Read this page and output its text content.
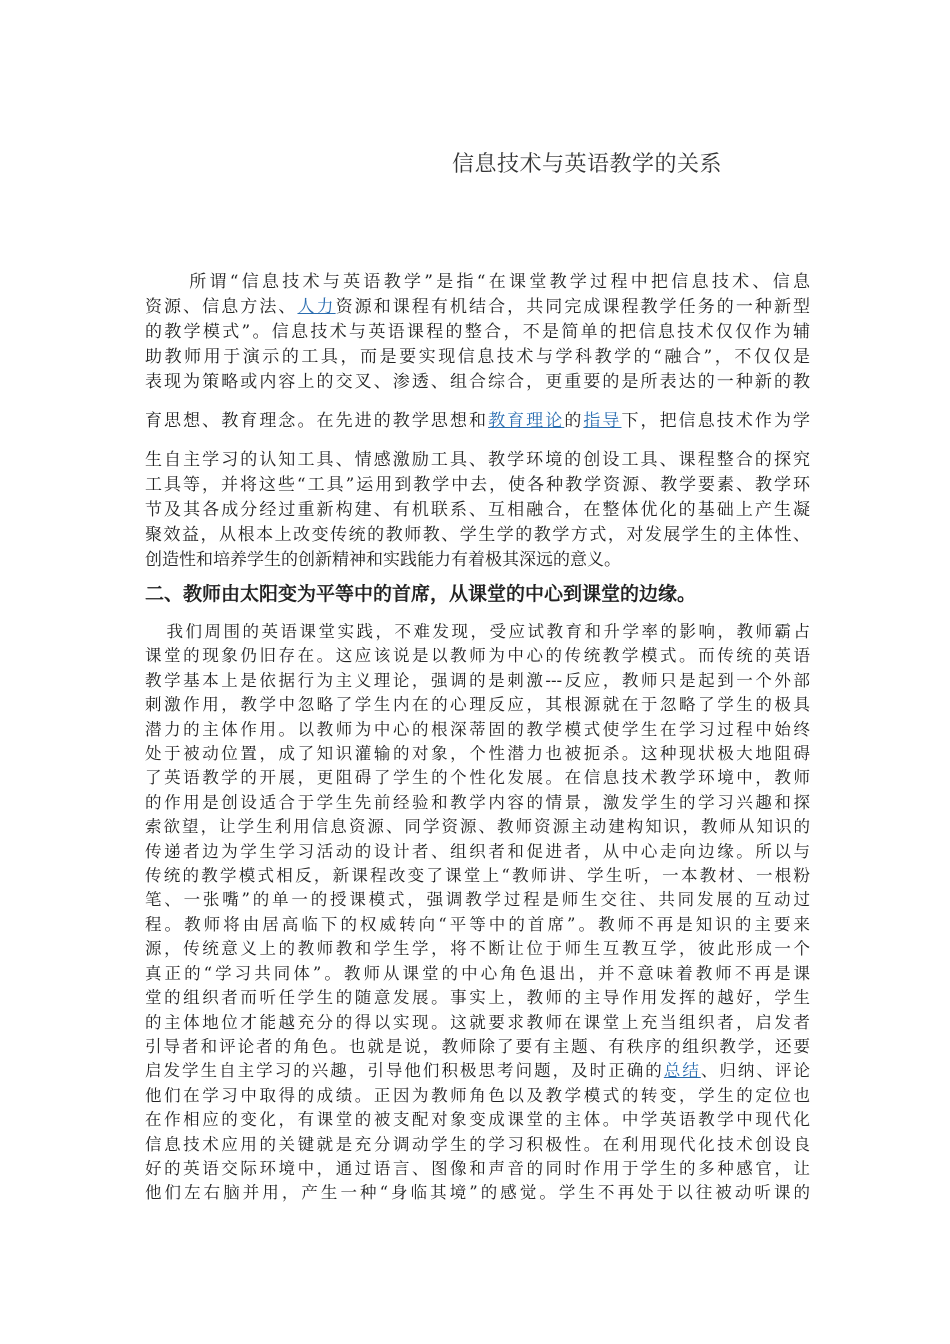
信息技术与英语教学的关系
所谓“信息技术与英语教学”是指“在课堂教学过程中把信息技术、信息
资源、信息方法、人力资源和课程有机结合，共同完成课程教学任务的一种新型
的教学模式”。信息技术与英语课程的整合，不是简单的把信息技术仅仅作为辅
助教师用于演示的工具，而是要实现信息技术与学科教学的“融合”，不仅仅是
表现为策略或内容上的交叉、渗透、组合综合，更重要的是所表达的一种新的教
育思想、教育理念。在先进的教学思想和教育理论的指导下，把信息技术作为学
生自主学习的认知工具、情感激励工具、教学环境的创设工具、课程整合的探究
工具等，并将这些“工具”运用到教学中去，使各种教学资源、教学要素、教学环
节及其各成分经过重新构建、有机联系、互相融合，在整体优化的基础上产生凝
聚效益，从根本上改变传统的教师教、学生学的教学方式，对发展学生的主体性、
创造性和培养学生的创新精神和实践能力有着极其深远的意义。
二、教师由太阳变为平等中的首席，从课堂的中心到课堂的边缘。
我们周围的英语课堂实践，不难发现，受应试教育和升学率的影响，教师霸占
课堂的现象仍旧存在。这应该说是以教师为中心的传统教学模式。而传统的英语
教学基本上是依据行为主义理论，强调的是刺激---反应，教师只是起到一个外部
刺激作用，教学中忽略了学生内在的心理反应，其根源就在于忽略了学生的极具
潜力的主体作用。以教师为中心的根深蒂固的教学模式使学生在学习过程中始终
处于被动位置，成了知识灌输的对象，个性潜力也被扼杀。这种现状极大地阻碍
了英语教学的开展，更阻碍了学生的个性化发展。在信息技术教学环境中，教师
的作用是创设适合于学生先前经验和教学内容的情景，激发学生的学习兴趣和探
索欲望，让学生利用信息资源、同学资源、教师资源主动建构知识，教师从知识的
传递者边为学生学习活动的设计者、组织者和促进者，从中心走向边缘。所以与
传统的教学模式相反，新课程改变了课堂上“教师讲、学生听，一本教材、一根粉
笔、一张嘴”的单一的授课模式，强调教学过程是师生交往、共同发展的互动过
程。教师将由居高临下的权威转向“平等中的首席”。教师不再是知识的主要来
源，传统意义上的教师教和学生学，将不断让位于师生互教互学，彼此形成一个
真正的“学习共同体”。教师从课堂的中心角色退出，并不意味着教师不再是课
堂的组织者而听任学生的随意发展。事实上，教师的主导作用发挥的越好，学生
的主体地位才能越充分的得以实现。这就要求教师在课堂上充当组织者，启发者
引导者和评论者的角色。也就是说，教师除了要有主题、有秩序的组织教学，还要
启发学生自主学习的兴趣，引导他们积极思考问题，及时正确的总结、归纳、评论
他们在学习中取得的成绩。正因为教师角色以及教学模式的转变，学生的定位也
在作相应的变化，有课堂的被支配对象变成课堂的主体。中学英语教学中现代化
信息技术应用的关键就是充分调动学生的学习积极性。在利用现代化技术创设良
好的英语交际环境中，通过语言、图像和声音的同时作用于学生的多种感官，让
他们左右脑并用，产生一种“身临其境”的感觉。学生不再处于以往被动听课的
